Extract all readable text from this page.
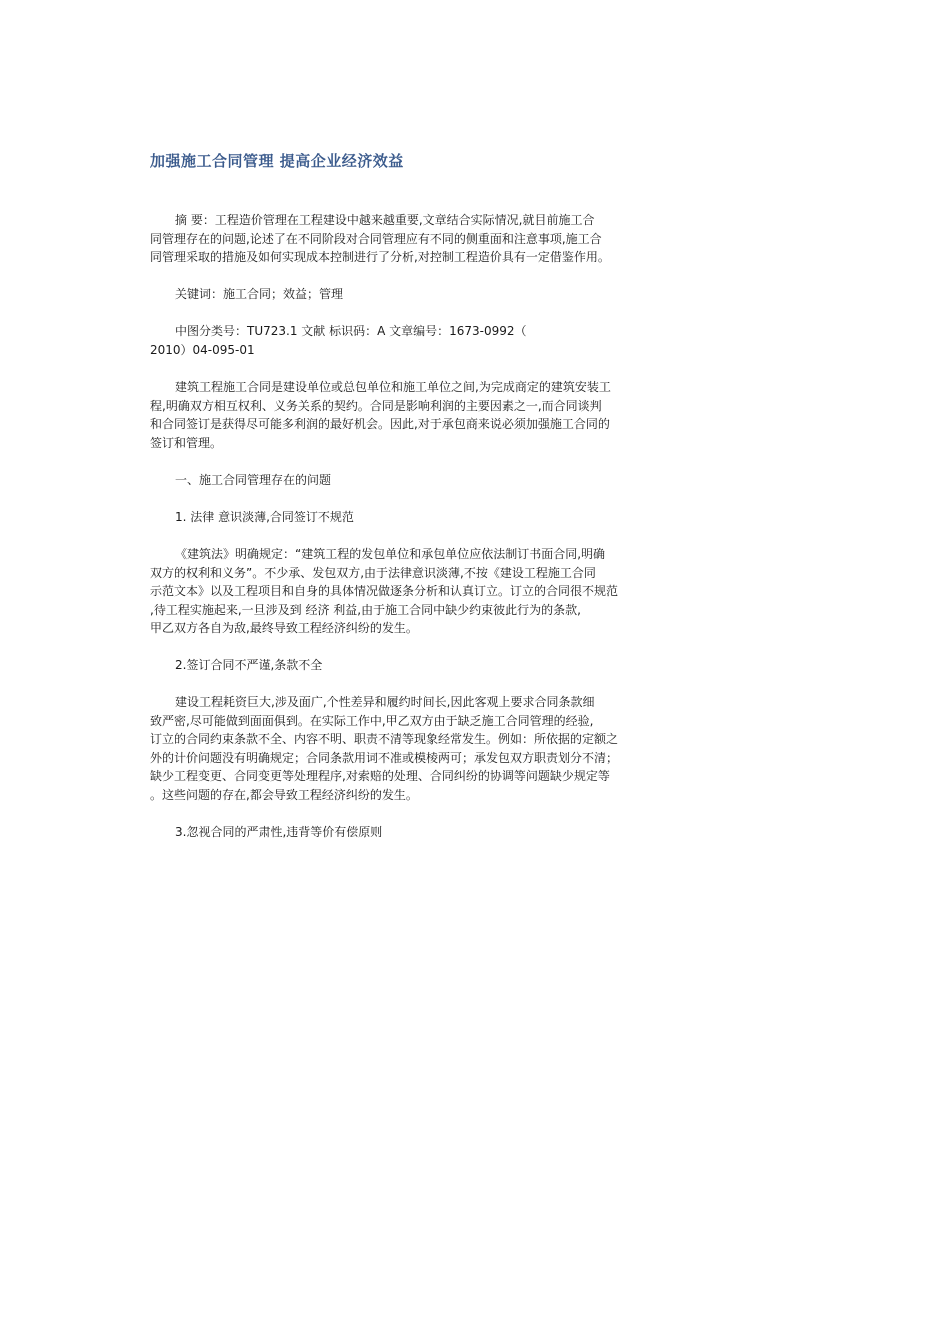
加强施工合同管理 提高企业经济效益
摘 要：工程造价管理在工程建设中越来越重要,文章结合实际情况,就目前施工合
同管理存在的问题,论述了在不同阶段对合同管理应有不同的侧重面和注意事项,施工合
同管理采取的措施及如何实现成本控制进行了分析,对控制工程造价具有一定借鉴作用。
关键词：施工合同；效益；管理
中图分类号：TU723.1 文献 标识码：A 文章编号：1673-0992（
2010）04-095-01
建筑工程施工合同是建设单位或总包单位和施工单位之间,为完成商定的建筑安装工
程,明确双方相互权利、义务关系的契约。合同是影响利润的主要因素之一,而合同谈判
和合同签订是获得尽可能多利润的最好机会。因此,对于承包商来说必须加强施工合同的
签订和管理。
一、施工合同管理存在的问题
1. 法律 意识淡薄,合同签订不规范
《建筑法》明确规定：“建筑工程的发包单位和承包单位应依法制订书面合同,明确
双方的权利和义务”。不少承、发包双方,由于法律意识淡薄,不按《建设工程施工合同
示范文本》以及工程项目和自身的具体情况做逐条分析和认真订立。订立的合同很不规范
,待工程实施起来,一旦涉及到 经济 利益,由于施工合同中缺少约束彼此行为的条款,
甲乙双方各自为敌,最终导致工程经济纠纷的发生。
2.签订合同不严谨,条款不全
建设工程耗资巨大,涉及面广,个性差异和履约时间长,因此客观上要求合同条款细
致严密,尽可能做到面面俱到。在实际工作中,甲乙双方由于缺乏施工合同管理的经验,
订立的合同约束条款不全、内容不明、职责不清等现象经常发生。例如：所依据的定额之
外的计价问题没有明确规定；合同条款用词不准或模棱两可；承发包双方职责划分不清；
缺少工程变更、合同变更等处理程序,对索赔的处理、合同纠纷的协调等问题缺少规定等
。这些问题的存在,都会导致工程经济纠纷的发生。
3.忽视合同的严肃性,违背等价有偿原则
